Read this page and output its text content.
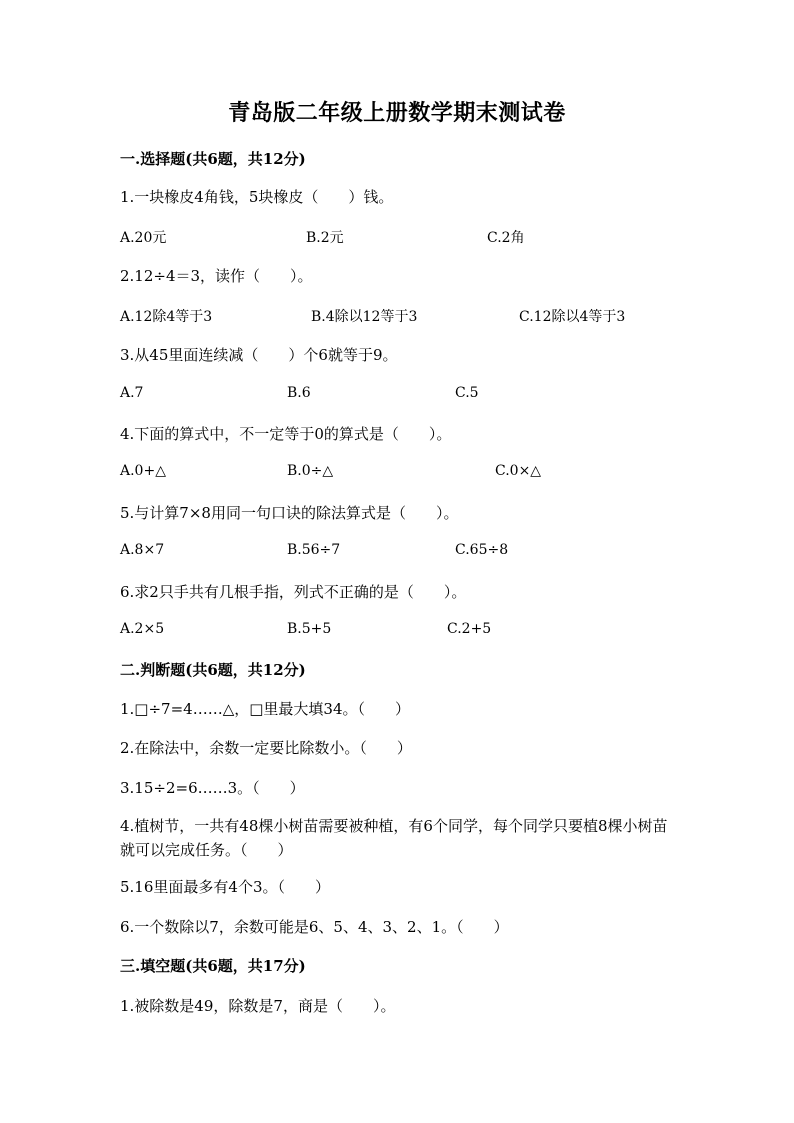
青岛版二年级上册数学期末测试卷
一.选择题(共6题，共12分)
1.一块橡皮4角钱，5块橡皮（　　）钱。
A.20元	B.2元	C.2角
2.12÷4＝3，读作（　　）。
A.12除4等于3	B.4除以12等于3	C.12除以4等于3
3.从45里面连续减（　　）个6就等于9。
A.7	B.6	C.5
4.下面的算式中，不一定等于0的算式是（　　）。
A.0+△	B.0÷△	C.0×△
5.与计算7×8用同一句口诀的除法算式是（　　）。
A.8×7	B.56÷7	C.65÷8
6.求2只手共有几根手指，列式不正确的是（　　）。
A.2×5	B.5+5	C.2+5
二.判断题(共6题，共12分)
1.□÷7=4……△，□里最大填34。（　　）
2.在除法中，余数一定要比除数小。（　　）
3.15÷2=6……3。（　　）
4.植树节，一共有48棵小树苗需要被种植，有6个同学，每个同学只要植8棵小树苗就可以完成任务。（　　）
5.16里面最多有4个3。（　　）
6.一个数除以7，余数可能是6、5、4、3、2、1。（　　）
三.填空题(共6题，共17分)
1.被除数是49，除数是7，商是（　　）。
